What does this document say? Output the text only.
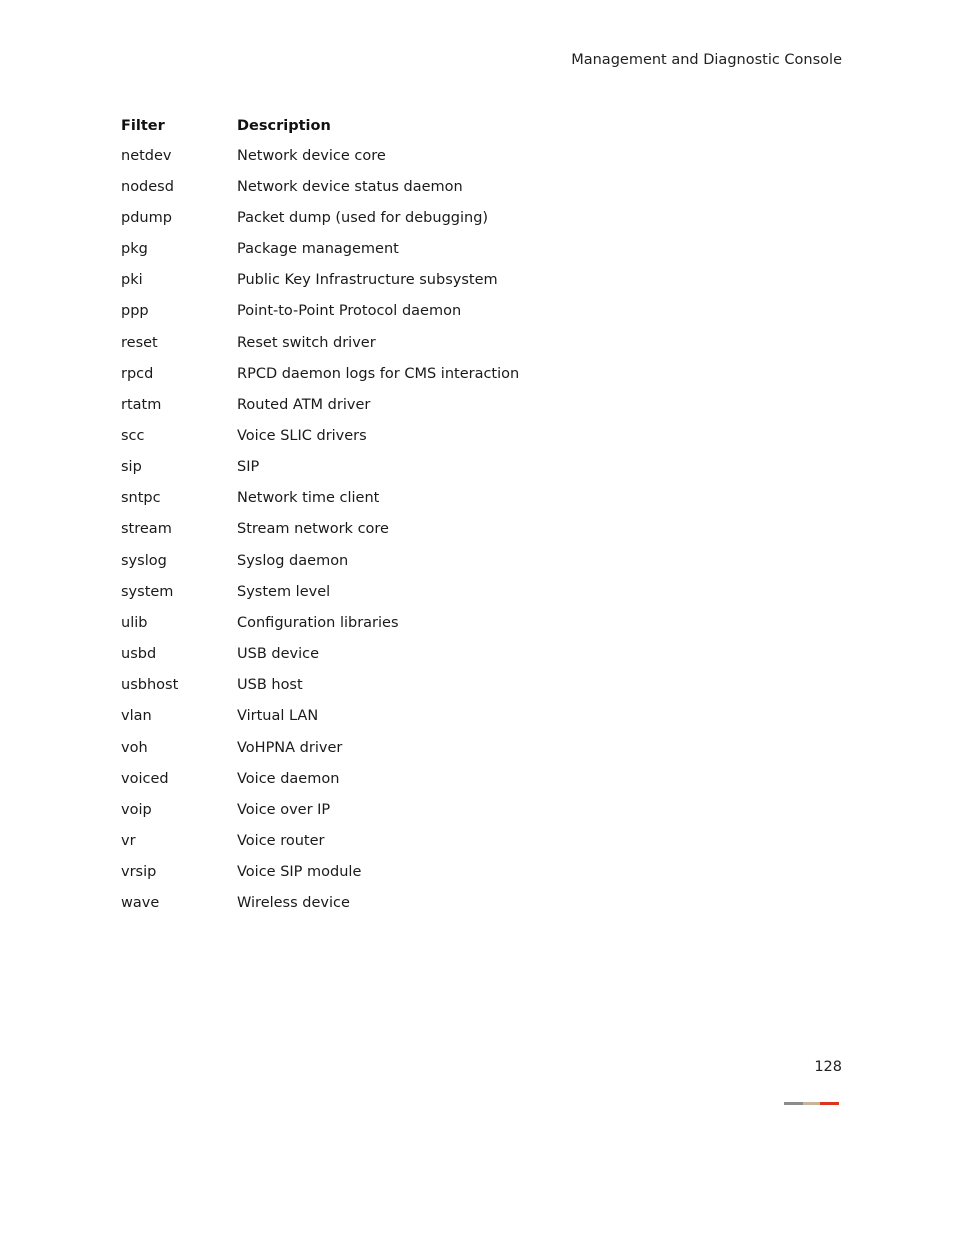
Management and Diagnostic Console
Filter	Description
netdev	Network device core
nodesd	Network device status daemon
pdump	Packet dump (used for debugging)
pkg	Package management
pki	Public Key Infrastructure subsystem
ppp	Point-to-Point Protocol daemon
reset	Reset switch driver
rpcd	RPCD daemon logs for CMS interaction
rtatm	Routed ATM driver
scc	Voice SLIC drivers
sip	SIP
sntpc	Network time client
stream	Stream network core
syslog	Syslog daemon
system	System level
ulib	Configuration libraries
usbd	USB device
usbhost	USB host
vlan	Virtual LAN
voh	VoHPNA driver
voiced	Voice daemon
voip	Voice over IP
vr	Voice router
vrsip	Voice SIP module
wave	Wireless device
128
